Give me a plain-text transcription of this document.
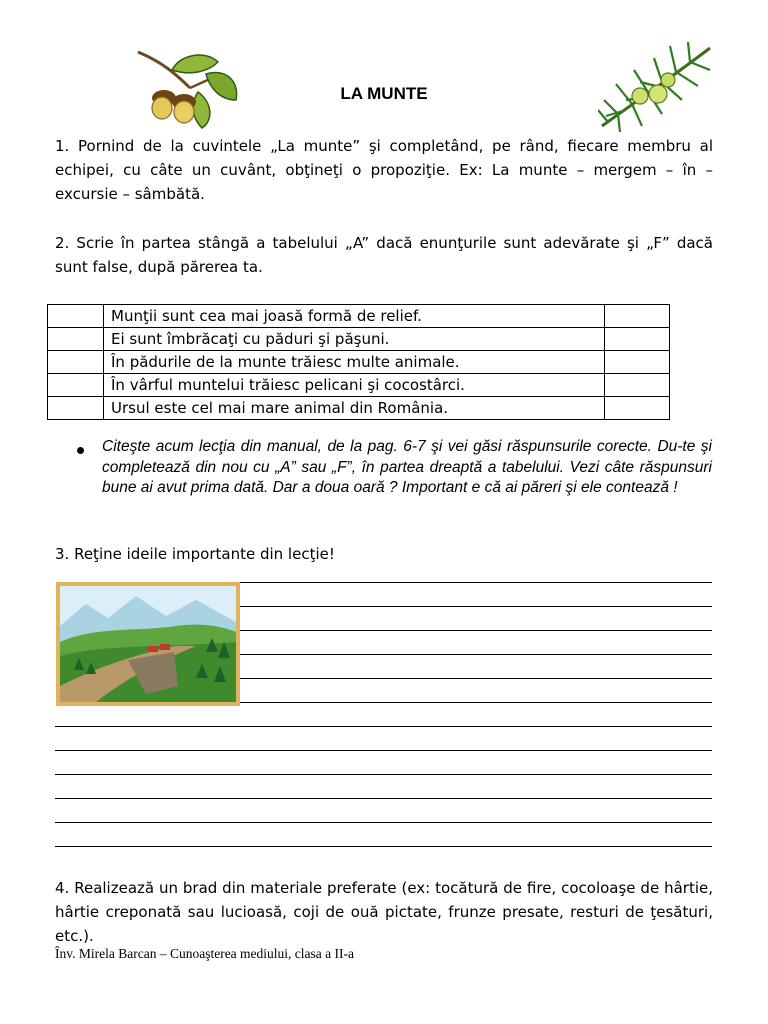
LA MUNTE
1. Pornind de la cuvintele „La munte” şi completând, pe rând, fiecare membru al echipei, cu câte un cuvânt, obţineţi o propoziţie. Ex: La munte – mergem – în – excursie – sâmbătă.
2. Scrie în partea stângă a tabelului „A” dacă enunţurile sunt adevărate şi „F” dacă sunt false, după părerea ta.
	Munţii sunt cea mai joasă formă de relief.	
	Ei sunt îmbrăcaţi cu păduri şi păşuni.	
	În pădurile de la munte trăiesc multe animale.	
	În vârful muntelui trăiesc pelicani şi cocostârci.	
	Ursul este cel mai mare animal din România.	
Citeşte acum lecţia din manual, de la pag. 6-7 şi vei găsi răspunsurile corecte. Du-te şi completează din nou cu „A” sau „F”, în partea dreaptă a tabelului. Vezi câte răspunsuri bune ai avut prima dată. Dar a doua oară ? Important e că ai păreri şi ele contează !
3. Reţine ideile importante din lecţie!
4. Realizează un brad din materiale preferate (ex: tocătură de fire, cocoloaşe de hârtie, hârtie creponată sau lucioasă, coji de ouă pictate, frunze presate, resturi de ţesături, etc.).
Înv. Mirela Barcan – Cunoaşterea mediului, clasa a II-a
